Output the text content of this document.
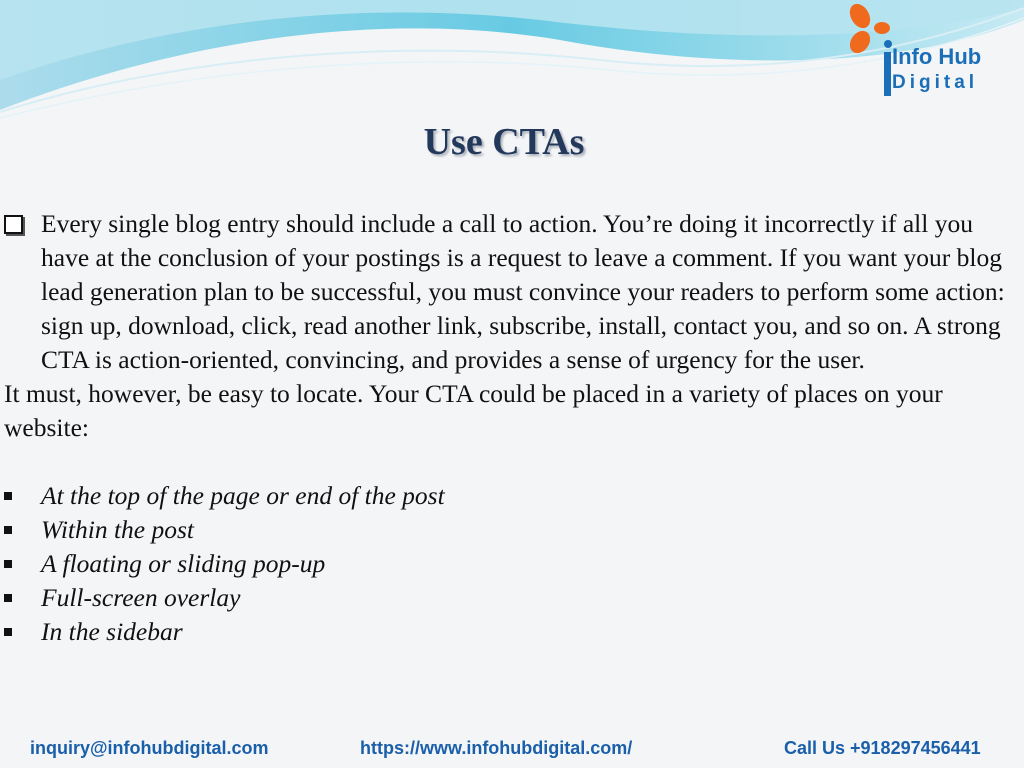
Info Hub
Digital
Use CTAs
Every single blog entry should include a call to action. You’re doing it incorrectly if all you have at the conclusion of your postings is a request to leave a comment. If you want your blog lead generation plan to be successful, you must convince your readers to perform some action: sign up, download, click, read another link, subscribe, install, contact you, and so on. A strong CTA is action-oriented, convincing, and provides a sense of urgency for the user.

It must, however, be easy to locate. Your CTA could be placed in a variety of places on your website:

At the top of the page or end of the post
Within the post
A floating or sliding pop-up
Full-screen overlay
In the sidebar
inquiry@infohubdigital.com	https://www.infohubdigital.com/	Call Us +918297456441
